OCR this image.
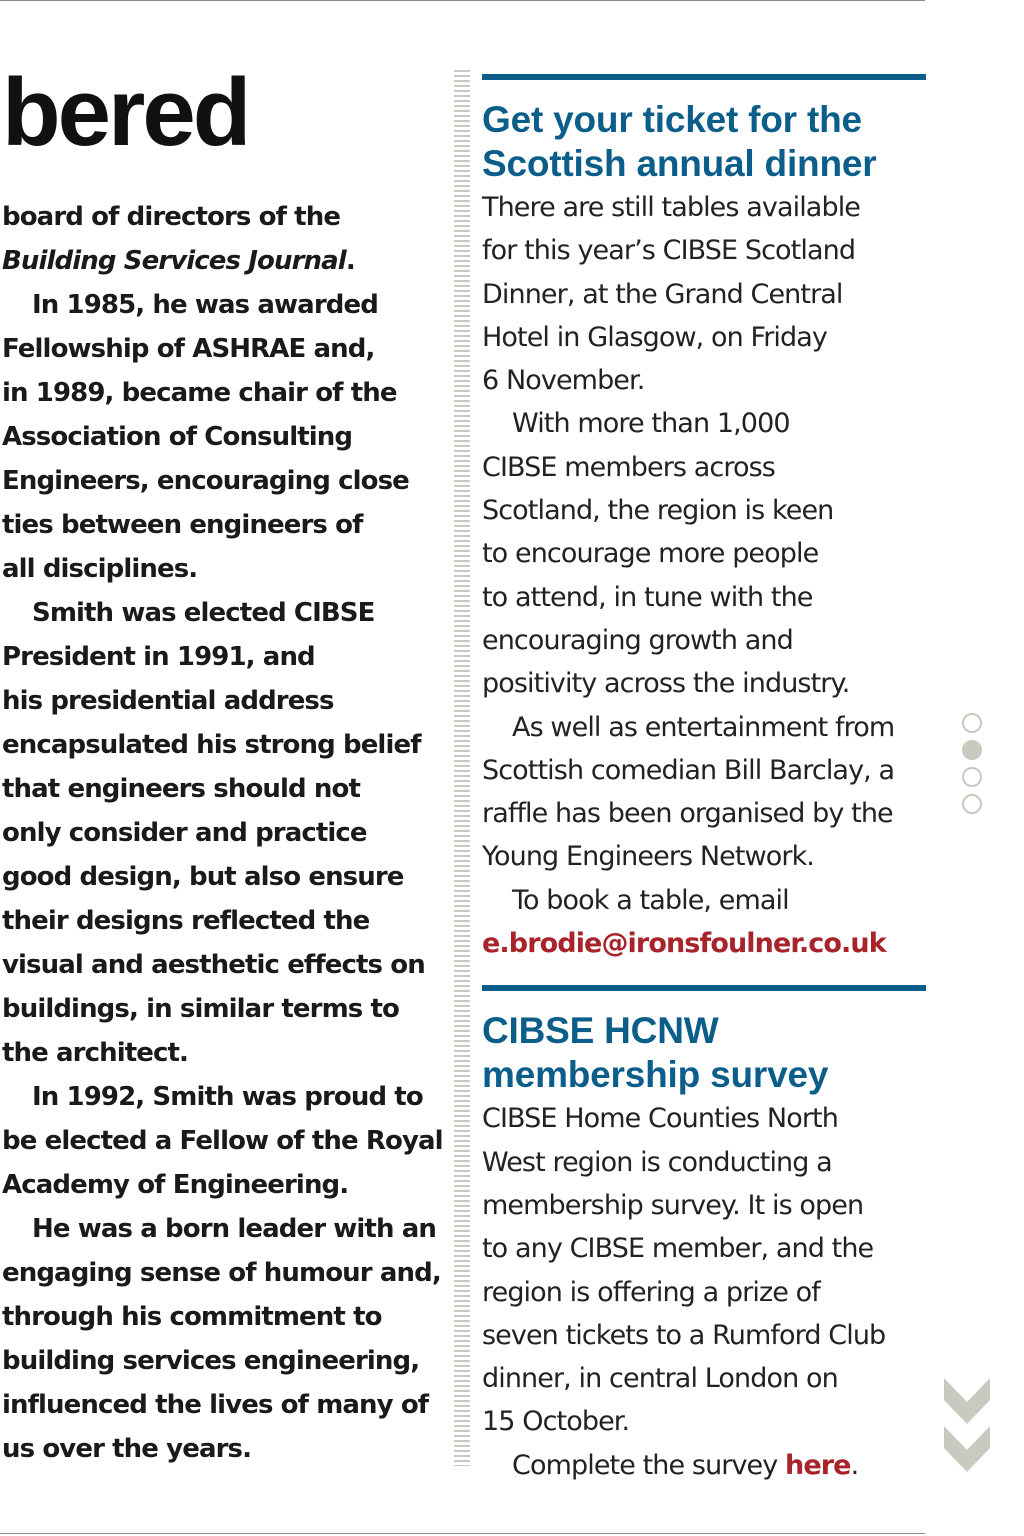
bered

board of directors of the

Building Services Journal.

In 1985, he was awarded

Fellowship of ASHRAE and,

in 1989, became chair of the

Association of Consulting

Engineers, encouraging close

ties between engineers of

all disciplines.

Smith was elected CIBSE

President in 1991, and

his presidential address

encapsulated his strong belief

that engineers should not

only consider and practice

good design, but also ensure

their designs reflected the

visual and aesthetic effects on

buildings, in similar terms to

the architect.

In 1992, Smith was proud to

be elected a Fellow of the Royal

Academy of Engineering.

He was a born leader with an

engaging sense of humour and,

through his commitment to

building services engineering,

influenced the lives of many of

us over the years.

Get your ticket for the
Scottish annual dinner

There are still tables available

for this year’s CIBSE Scotland

Dinner, at the Grand Central

Hotel in Glasgow, on Friday

6 November.

With more than 1,000

CIBSE members across

Scotland, the region is keen

to encourage more people

to attend, in tune with the

encouraging growth and

positivity across the industry.

As well as entertainment from

Scottish comedian Bill Barclay, a

raffle has been organised by the

Young Engineers Network.

To book a table, email

e.brodie@ironsfoulner.co.uk

CIBSE HCNW
membership survey

CIBSE Home Counties North

West region is conducting a

membership survey. It is open

to any CIBSE member, and the

region is offering a prize of

seven tickets to a Rumford Club

dinner, in central London on

15 October.

Complete the survey here.
